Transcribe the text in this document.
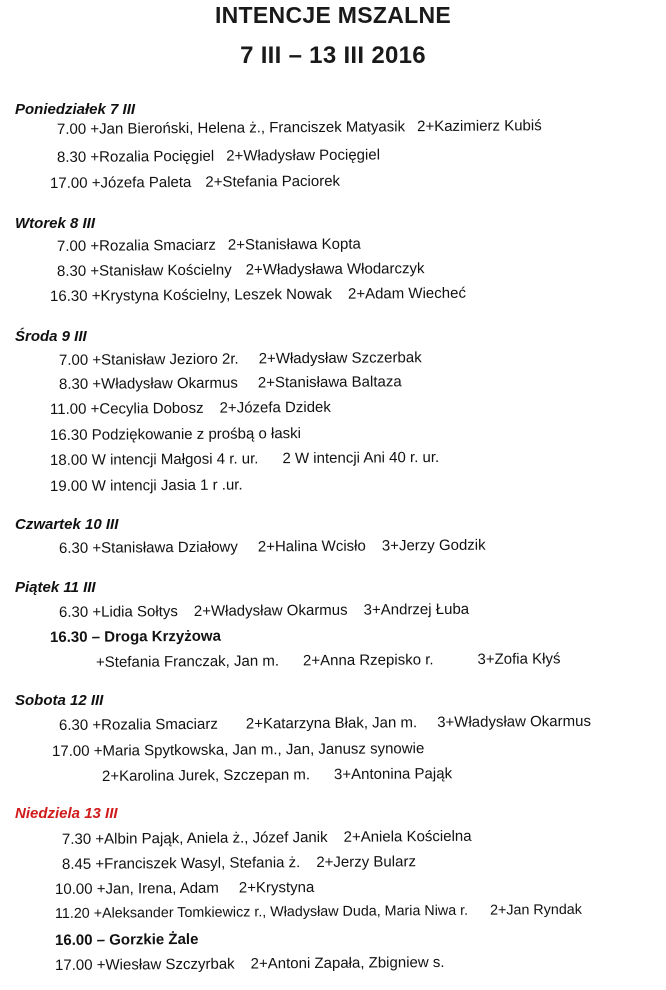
INTENCJE MSZALNE
7 III – 13 III 2016
Poniedziałek 7 III
7.00 +Jan Bieroński, Helena ż., Franciszek Matyasik 2+Kazimierz Kubiś
8.30 +Rozalia Pocięgiel 2+Władysław Pocięgiel
17.00 +Józefa Paleta 2+Stefania Paciorek
Wtorek 8 III
7.00 +Rozalia Smaciarz 2+Stanisława Kopta
8.30 +Stanisław Kościelny 2+Władysława Włodarczyk
16.30 +Krystyna Kościelny, Leszek Nowak 2+Adam Wiecheć
Środa 9 III
7.00 +Stanisław Jezioro 2r. 2+Władysław Szczerbak
8.30 +Władysław Okarmus 2+Stanisława Baltaza
11.00 +Cecylia Dobosz 2+Józefa Dzidek
16.30 Podziękowanie z prośbą o łaski
18.00 W intencji Małgosi 4 r. ur. 2 W intencji Ani 40 r. ur.
19.00 W intencji Jasia 1 r .ur.
Czwartek 10 III
6.30 +Stanisława Działowy 2+Halina Wcisło 3+Jerzy Godzik
Piątek 11 III
6.30 +Lidia Sołtys 2+Władysław Okarmus 3+Andrzej Łuba
16.30 – Droga Krzyżowa
+Stefania Franczak, Jan m. 2+Anna Rzepisko r.	3+Zofia Kłyś
Sobota 12 III
6.30 +Rozalia Smaciarz 2+Katarzyna Błak, Jan m. 3+Władysław Okarmus
17.00 +Maria Spytkowska, Jan m., Jan, Janusz synowie
2+Karolina Jurek, Szczepan m. 3+Antonina Pająk
Niedziela 13 III
7.30 +Albin Pająk, Aniela ż., Józef Janik 2+Aniela Kościelna
8.45 +Franciszek Wasyl, Stefania ż. 2+Jerzy Bularz
10.00 +Jan, Irena, Adam 2+Krystyna
11.20 +Aleksander Tomkiewicz r., Władysław Duda, Maria Niwa r. 2+Jan Ryndak
16.00 – Gorzkie Żale
17.00 +Wiesław Szczyrbak 2+Antoni Zapała, Zbigniew s.
